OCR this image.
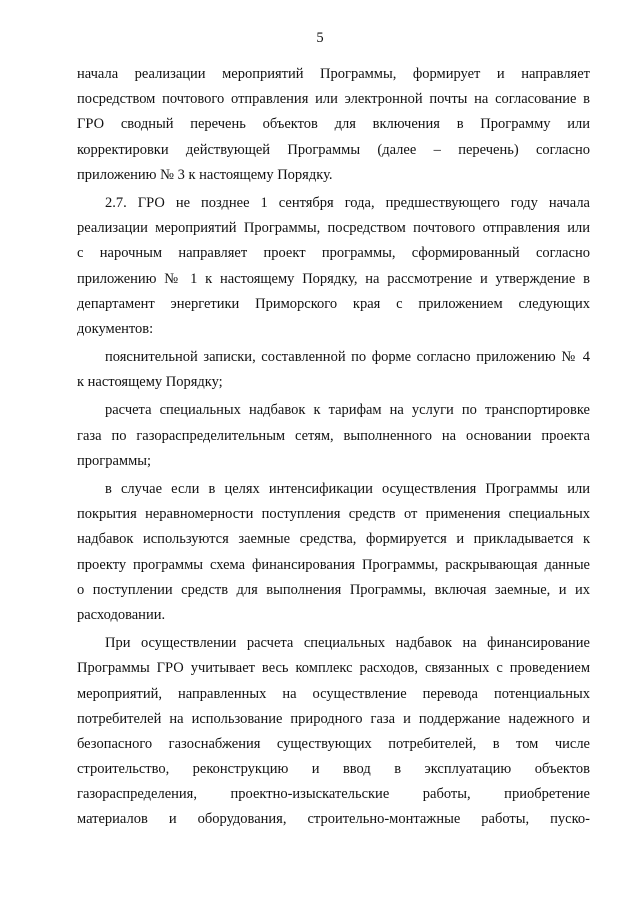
5
начала реализации мероприятий Программы, формирует и направляет
посредством почтового отправления или электронной почты на согласование в
ГРО сводный перечень объектов для включения в Программу или
корректировки действующей Программы (далее – перечень) согласно
приложению № 3 к настоящему Порядку.
2.7. ГРО не позднее 1 сентября года, предшествующего году начала
реализации мероприятий Программы, посредством почтового отправления или
с нарочным направляет проект программы, сформированный согласно
приложению № 1 к настоящему Порядку, на рассмотрение и утверждение в
департамент энергетики Приморского края с приложением следующих
документов:
пояснительной записки, составленной по форме согласно приложению № 4
к настоящему Порядку;
расчета специальных надбавок к тарифам на услуги по транспортировке
газа по газораспределительным сетям, выполненного на основании проекта
программы;
в случае если в целях интенсификации осуществления Программы или
покрытия неравномерности поступления средств от применения специальных
надбавок используются заемные средства, формируется и прикладывается к
проекту программы схема финансирования Программы, раскрывающая данные
о поступлении средств для выполнения Программы, включая заемные, и их
расходовании.
При осуществлении расчета специальных надбавок на финансирование
Программы ГРО учитывает весь комплекс расходов, связанных с проведением
мероприятий, направленных на осуществление перевода потенциальных
потребителей на использование природного газа и поддержание надежного и
безопасного газоснабжения существующих потребителей, в том числе
строительство, реконструкцию и ввод в эксплуатацию объектов
газораспределения, проектно-изыскательские работы, приобретение
материалов и оборудования, строительно-монтажные работы, пуско-
